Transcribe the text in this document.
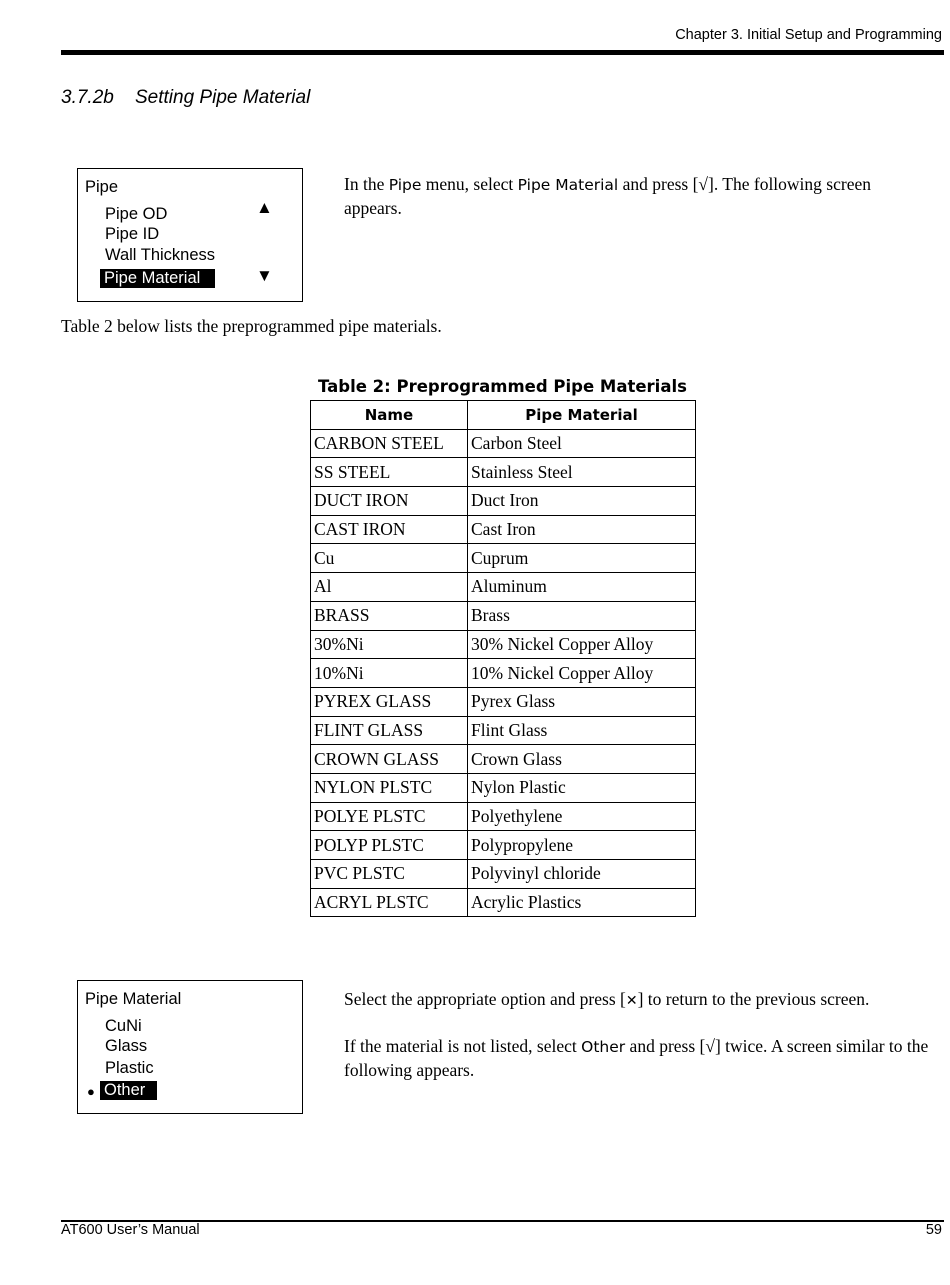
Chapter 3. Initial Setup and Programming
3.7.2b Setting Pipe Material
Pipe
Pipe OD
Pipe ID
Wall Thickness
Pipe Material
▲
▼
In the Pipe menu, select Pipe Material and press [√]. The following screen appears.
Table 2 below lists the preprogrammed pipe materials.
Table 2: Preprogrammed Pipe Materials
Name	Pipe Material
CARBON STEEL	Carbon Steel
SS STEEL	Stainless Steel
DUCT IRON	Duct Iron
CAST IRON	Cast Iron
Cu	Cuprum
Al	Aluminum
BRASS	Brass
30%Ni	30% Nickel Copper Alloy
10%Ni	10% Nickel Copper Alloy
PYREX GLASS	Pyrex Glass
FLINT GLASS	Flint Glass
CROWN GLASS	Crown Glass
NYLON PLSTC	Nylon Plastic
POLYE PLSTC	Polyethylene
POLYP PLSTC	Polypropylene
PVC PLSTC	Polyvinyl chloride
ACRYL PLSTC	Acrylic Plastics
Pipe Material
CuNi
Glass
Plastic
● Other
Select the appropriate option and press [✕] to return to the previous screen.
If the material is not listed, select Other and press [√] twice. A screen similar to the following appears.
AT600 User’s Manual	59
